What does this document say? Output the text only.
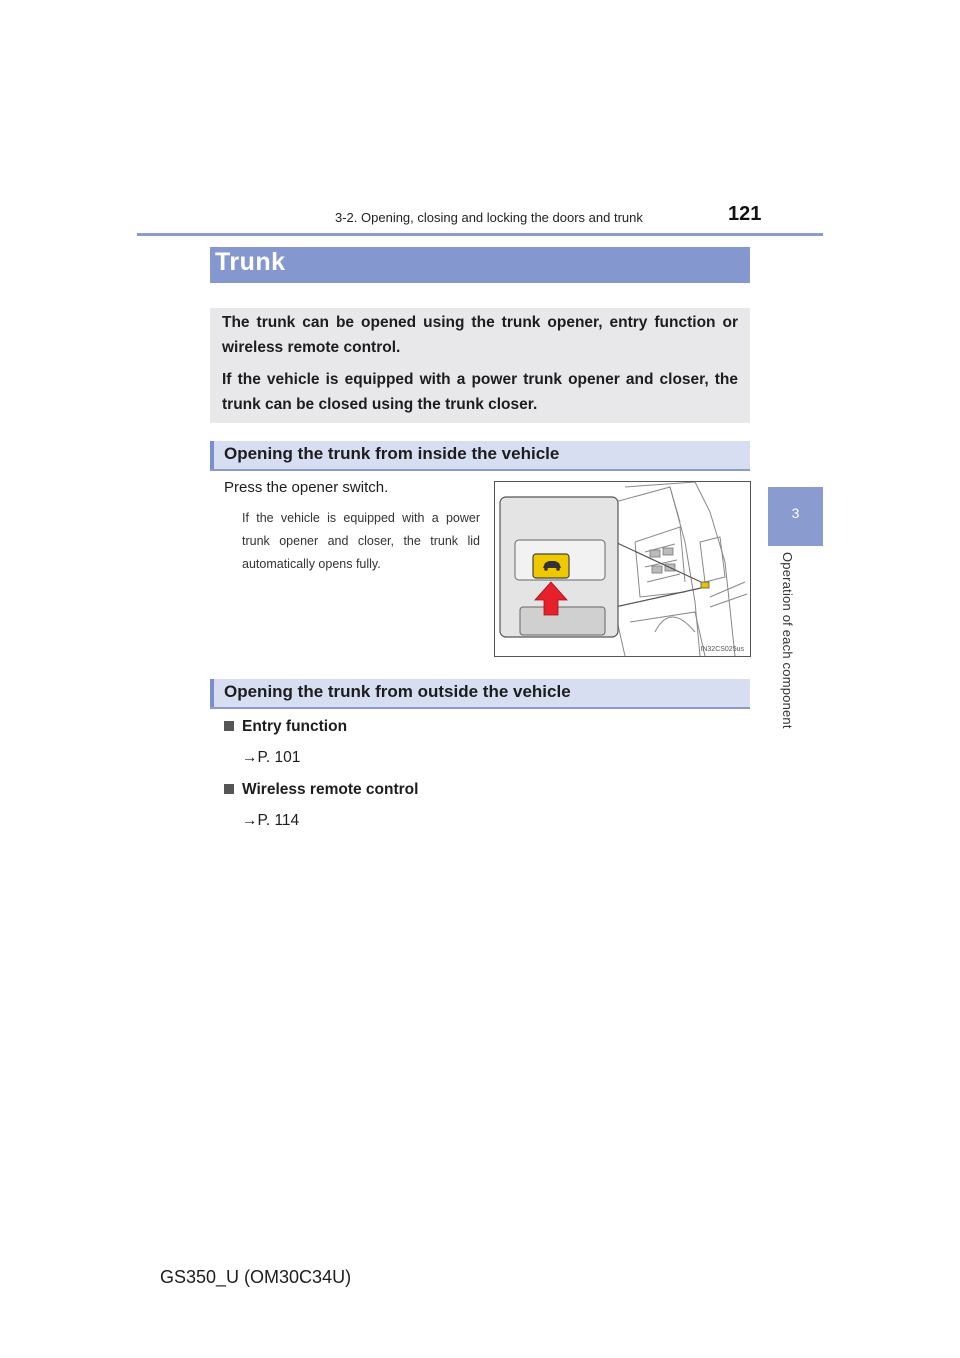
3-2. Opening, closing and locking the doors and trunk	121
3
Operation of each component
Trunk

The trunk can be opened using the trunk opener, entry function or wireless remote control.

If the vehicle is equipped with a power trunk opener and closer, the trunk can be closed using the trunk closer.

Opening the trunk from inside the vehicle
Press the opener switch.

If the vehicle is equipped with a power trunk opener and closer, the trunk lid automatically opens fully.

IN32CS025us
Opening the trunk from outside the vehicle
Entry function
→P. 101
Wireless remote control
→P. 114
GS350_U (OM30C34U)
